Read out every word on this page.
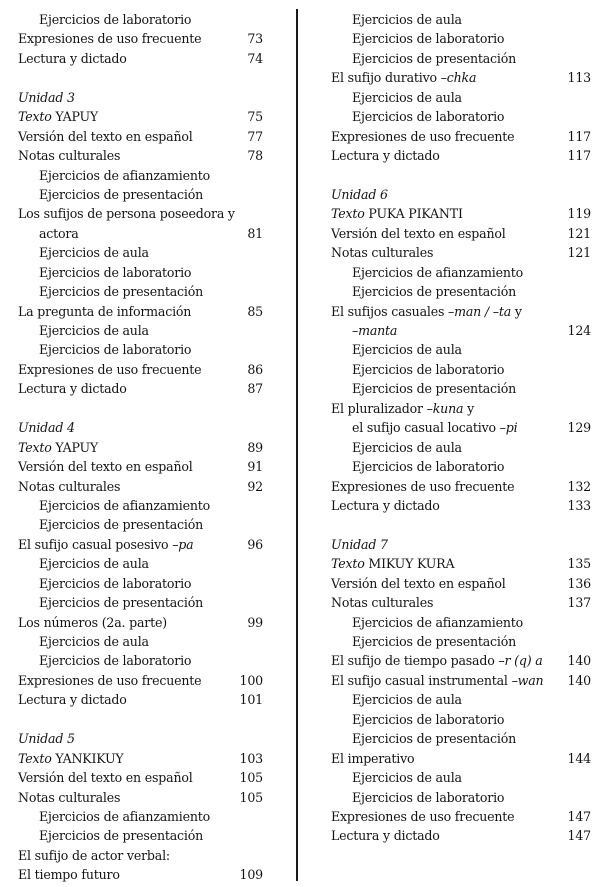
Ejercicios de laboratorio
Expresiones de uso frecuente	73
Lectura y dictado	74
Unidad 3
Texto YAPUY	75
Versión del texto en español	77
Notas culturales	78
Ejercicios de afianzamiento
Ejercicios de presentación
Los sufijos de persona poseedora y
actora	81
Ejercicios de aula
Ejercicios de laboratorio
Ejercicios de presentación
La pregunta de información	85
Ejercicios de aula
Ejercicios de laboratorio
Expresiones de uso frecuente	86
Lectura y dictado	87
Unidad 4
Texto YAPUY	89
Versión del texto en español	91
Notas culturales	92
Ejercicios de afianzamiento
Ejercicios de presentación
El sufijo casual posesivo –pa	96
Ejercicios de aula
Ejercicios de laboratorio
Ejercicios de presentación
Los números (2a. parte)	99
Ejercicios de aula
Ejercicios de laboratorio
Expresiones de uso frecuente	100
Lectura y dictado	101
Unidad 5
Texto YANKIKUY	103
Versión del texto en español	105
Notas culturales	105
Ejercicios de afianzamiento
Ejercicios de presentación
El sufijo de actor verbal:
El tiempo futuro	109
Ejercicios de aula
Ejercicios de laboratorio
Ejercicios de presentación
El sufijo durativo –chka	113
Ejercicios de aula
Ejercicios de laboratorio
Expresiones de uso frecuente	117
Lectura y dictado	117
Unidad 6
Texto PUKA PIKANTI	119
Versión del texto en español	121
Notas culturales	121
Ejercicios de afianzamiento
Ejercicios de presentación
El sufijos casuales –man / –ta y
–manta	124
Ejercicios de aula
Ejercicios de laboratorio
Ejercicios de presentación
El pluralizador –kuna y
el sufijo casual locativo –pi	129
Ejercicios de aula
Ejercicios de laboratorio
Expresiones de uso frecuente	132
Lectura y dictado	133
Unidad 7
Texto MIKUY KURA	135
Versión del texto en español	136
Notas culturales	137
Ejercicios de afianzamiento
Ejercicios de presentación
El sufijo de tiempo pasado –r (q) a 140
El sufijo casual instrumental –wan 140
Ejercicios de aula
Ejercicios de laboratorio
Ejercicios de presentación
El imperativo	144
Ejercicios de aula
Ejercicios de laboratorio
Expresiones de uso frecuente	147
Lectura y dictado	147
